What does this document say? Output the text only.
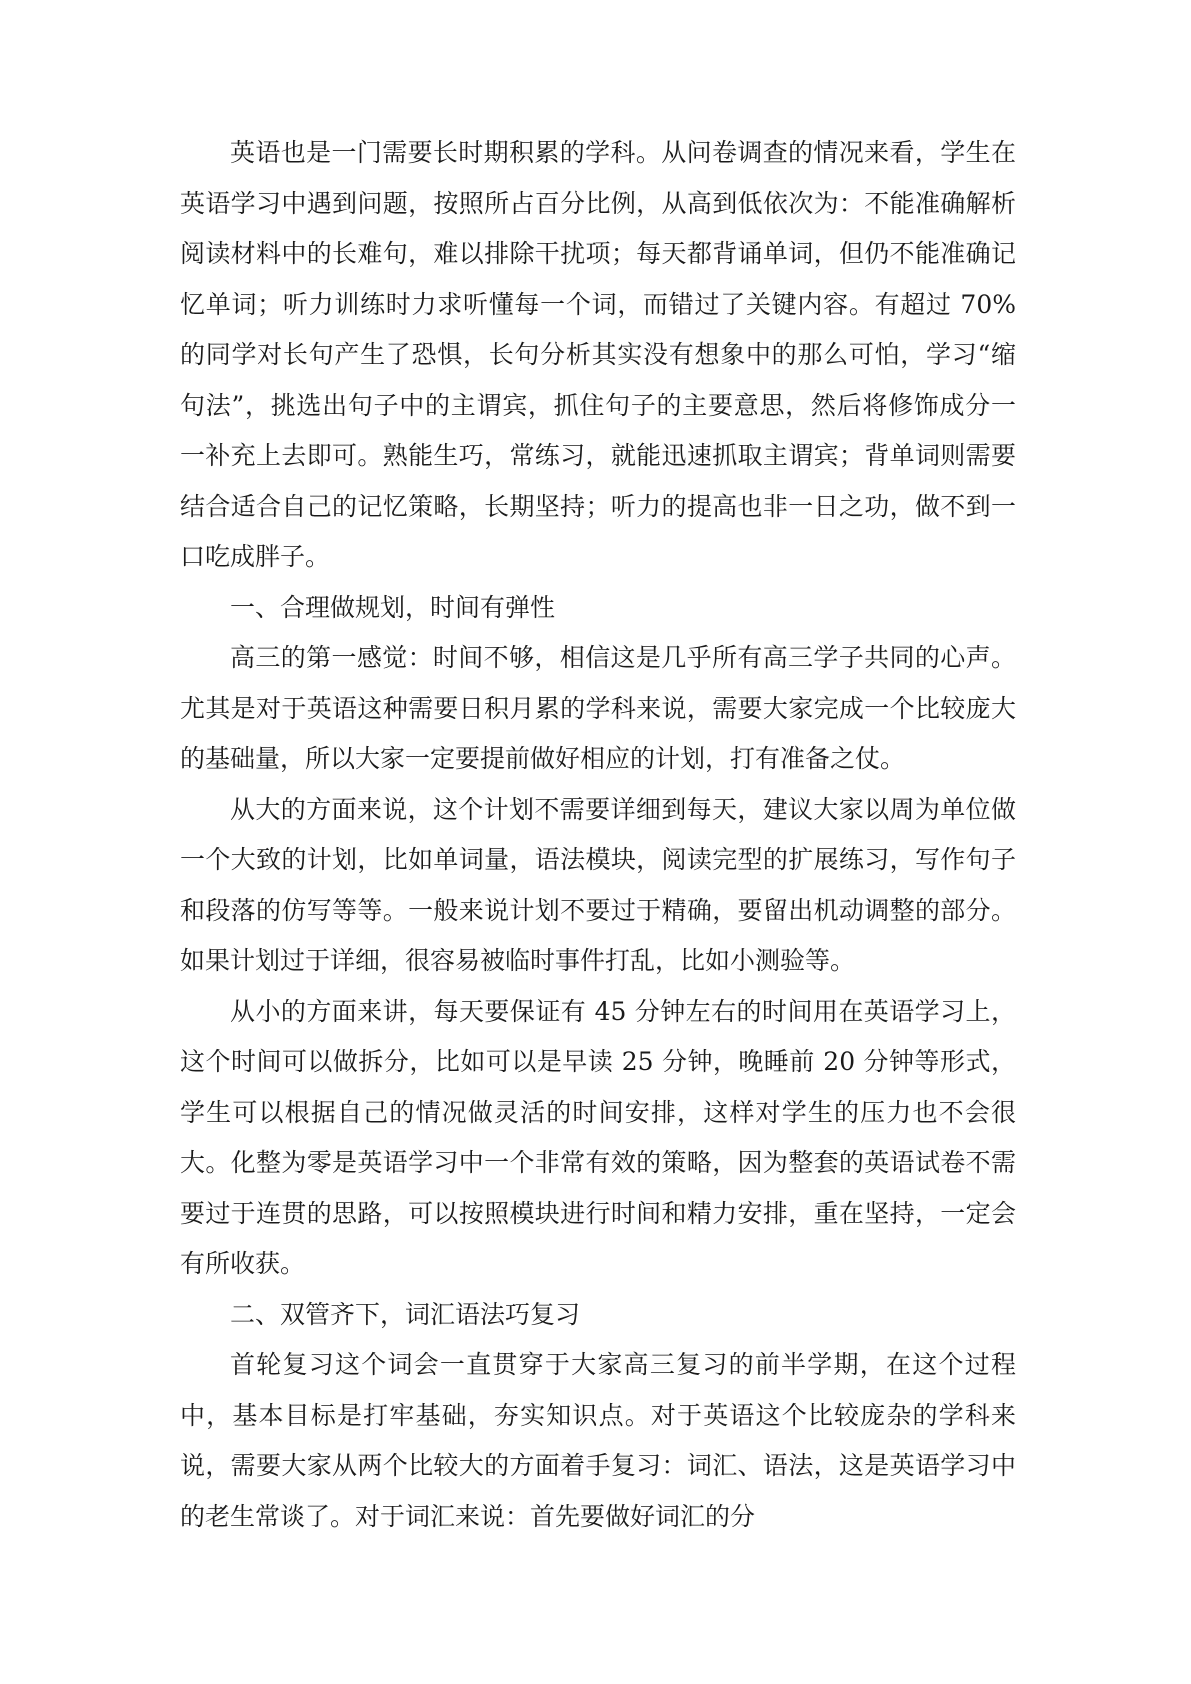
英语也是一门需要长时期积累的学科。从问卷调查的情况来看，学生在英语学习中遇到问题，按照所占百分比例，从高到低依次为：不能准确解析阅读材料中的长难句，难以排除干扰项；每天都背诵单词，但仍不能准确记忆单词；听力训练时力求听懂每一个词，而错过了关键内容。有超过 70% 的同学对长句产生了恐惧，长句分析其实没有想象中的那么可怕，学习“缩句法”，挑选出句子中的主谓宾，抓住句子的主要意思，然后将修饰成分一一补充上去即可。熟能生巧，常练习，就能迅速抓取主谓宾；背单词则需要结合适合自己的记忆策略，长期坚持；听力的提高也非一日之功，做不到一口吃成胖子。

一、合理做规划，时间有弹性

高三的第一感觉：时间不够，相信这是几乎所有高三学子共同的心声。尤其是对于英语这种需要日积月累的学科来说，需要大家完成一个比较庞大的基础量，所以大家一定要提前做好相应的计划，打有准备之仗。

从大的方面来说，这个计划不需要详细到每天，建议大家以周为单位做一个大致的计划，比如单词量，语法模块，阅读完型的扩展练习，写作句子和段落的仿写等等。一般来说计划不要过于精确，要留出机动调整的部分。如果计划过于详细，很容易被临时事件打乱，比如小测验等。

从小的方面来讲，每天要保证有 45 分钟左右的时间用在英语学习上，这个时间可以做拆分，比如可以是早读 25 分钟，晚睡前 20 分钟等形式，学生可以根据自己的情况做灵活的时间安排，这样对学生的压力也不会很大。化整为零是英语学习中一个非常有效的策略，因为整套的英语试卷不需要过于连贯的思路，可以按照模块进行时间和精力安排，重在坚持，一定会有所收获。

二、双管齐下，词汇语法巧复习

首轮复习这个词会一直贯穿于大家高三复习的前半学期，在这个过程中，基本目标是打牢基础，夯实知识点。对于英语这个比较庞杂的学科来说，需要大家从两个比较大的方面着手复习：词汇、语法，这是英语学习中的老生常谈了。对于词汇来说：首先要做好词汇的分
